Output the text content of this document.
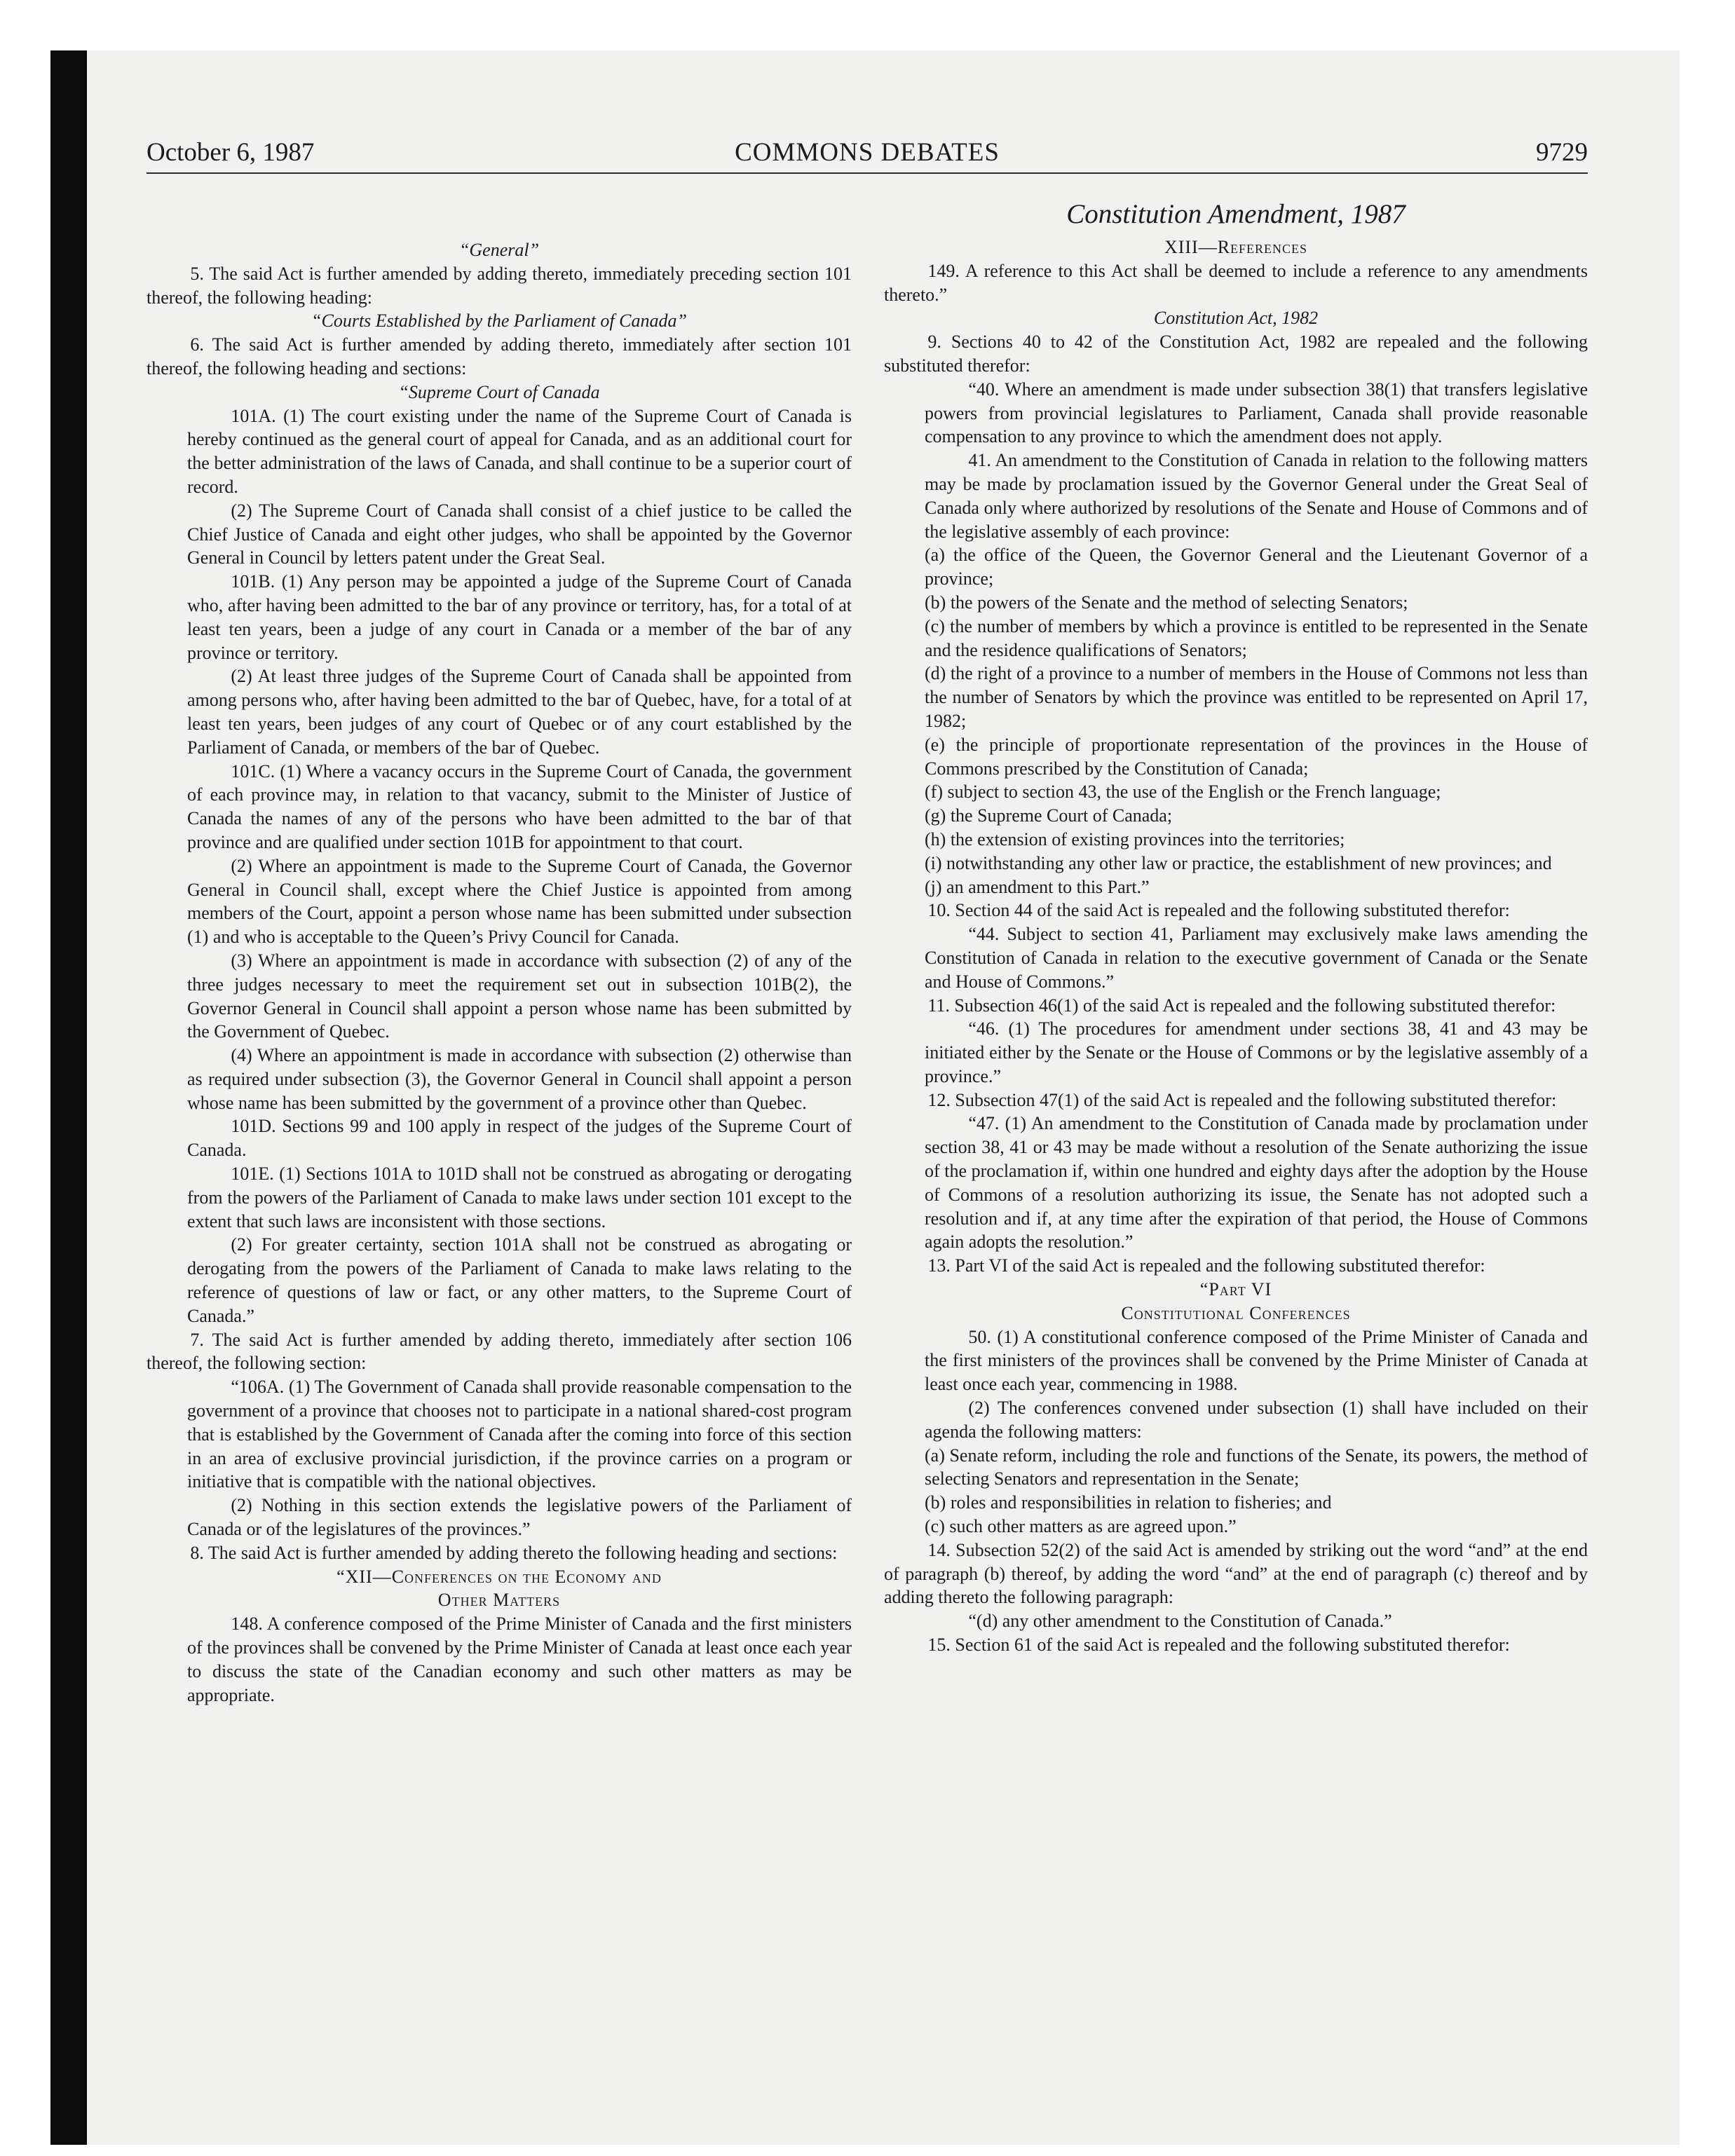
October 6, 1987	COMMONS DEBATES	9729

“General”

5. The said Act is further amended by adding thereto, immediately preceding section 101 thereof, the following heading:

“Courts Established by the Parliament of Canada”

6. The said Act is further amended by adding thereto, immediately after section 101 thereof, the following heading and sections:

“Supreme Court of Canada

101A. (1) The court existing under the name of the Supreme Court of Canada is hereby continued as the general court of appeal for Canada, and as an additional court for the better administration of the laws of Canada, and shall continue to be a superior court of record.

(2) The Supreme Court of Canada shall consist of a chief justice to be called the Chief Justice of Canada and eight other judges, who shall be appointed by the Governor General in Council by letters patent under the Great Seal.

101B. (1) Any person may be appointed a judge of the Supreme Court of Canada who, after having been admitted to the bar of any province or territory, has, for a total of at least ten years, been a judge of any court in Canada or a member of the bar of any province or territory.

(2) At least three judges of the Supreme Court of Canada shall be appointed from among persons who, after having been admitted to the bar of Quebec, have, for a total of at least ten years, been judges of any court of Quebec or of any court established by the Parliament of Canada, or members of the bar of Quebec.

101C. (1) Where a vacancy occurs in the Supreme Court of Canada, the government of each province may, in relation to that vacancy, submit to the Minister of Justice of Canada the names of any of the persons who have been admitted to the bar of that province and are qualified under section 101B for appointment to that court.

(2) Where an appointment is made to the Supreme Court of Canada, the Governor General in Council shall, except where the Chief Justice is appointed from among members of the Court, appoint a person whose name has been submitted under subsection (1) and who is acceptable to the Queen’s Privy Council for Canada.

(3) Where an appointment is made in accordance with subsection (2) of any of the three judges necessary to meet the requirement set out in subsection 101B(2), the Governor General in Council shall appoint a person whose name has been submitted by the Government of Quebec.

(4) Where an appointment is made in accordance with subsection (2) otherwise than as required under subsection (3), the Governor General in Council shall appoint a person whose name has been submitted by the government of a province other than Quebec.

101D. Sections 99 and 100 apply in respect of the judges of the Supreme Court of Canada.

101E. (1) Sections 101A to 101D shall not be construed as abrogating or derogating from the powers of the Parliament of Canada to make laws under section 101 except to the extent that such laws are inconsistent with those sections.

(2) For greater certainty, section 101A shall not be construed as abrogating or derogating from the powers of the Parliament of Canada to make laws relating to the reference of questions of law or fact, or any other matters, to the Supreme Court of Canada.”

7. The said Act is further amended by adding thereto, immediately after section 106 thereof, the following section:

“106A. (1) The Government of Canada shall provide reasonable compensation to the government of a province that chooses not to participate in a national shared-cost program that is established by the Government of Canada after the coming into force of this section in an area of exclusive provincial jurisdiction, if the province carries on a program or initiative that is compatible with the national objectives.

(2) Nothing in this section extends the legislative powers of the Parliament of Canada or of the legislatures of the provinces.”

8. The said Act is further amended by adding thereto the following heading and sections:

“XII—Conferences on the Economy and

Other Matters

148. A conference composed of the Prime Minister of Canada and the first ministers of the provinces shall be convened by the Prime Minister of Canada at least once each year to discuss the state of the Canadian economy and such other matters as may be appropriate.

Constitution Amendment, 1987

XIII—References

149. A reference to this Act shall be deemed to include a reference to any amendments thereto.”

Constitution Act, 1982

9. Sections 40 to 42 of the Constitution Act, 1982 are repealed and the following substituted therefor:

“40. Where an amendment is made under subsection 38(1) that transfers legislative powers from provincial legislatures to Parliament, Canada shall provide reasonable compensation to any province to which the amendment does not apply.

41. An amendment to the Constitution of Canada in relation to the following matters may be made by proclamation issued by the Governor General under the Great Seal of Canada only where authorized by resolutions of the Senate and House of Commons and of the legislative assembly of each province:

(a) the office of the Queen, the Governor General and the Lieutenant Governor of a province;

(b) the powers of the Senate and the method of selecting Senators;

(c) the number of members by which a province is entitled to be represented in the Senate and the residence qualifications of Senators;

(d) the right of a province to a number of members in the House of Commons not less than the number of Senators by which the province was entitled to be represented on April 17, 1982;

(e) the principle of proportionate representation of the provinces in the House of Commons prescribed by the Constitution of Canada;

(f) subject to section 43, the use of the English or the French language;

(g) the Supreme Court of Canada;

(h) the extension of existing provinces into the territories;

(i) notwithstanding any other law or practice, the establishment of new provinces; and

(j) an amendment to this Part.”

10. Section 44 of the said Act is repealed and the following substituted therefor:

“44. Subject to section 41, Parliament may exclusively make laws amending the Constitution of Canada in relation to the executive government of Canada or the Senate and House of Commons.”

11. Subsection 46(1) of the said Act is repealed and the following substituted therefor:

“46. (1) The procedures for amendment under sections 38, 41 and 43 may be initiated either by the Senate or the House of Commons or by the legislative assembly of a province.”

12. Subsection 47(1) of the said Act is repealed and the following substituted therefor:

“47. (1) An amendment to the Constitution of Canada made by proclamation under section 38, 41 or 43 may be made without a resolution of the Senate authorizing the issue of the proclamation if, within one hundred and eighty days after the adoption by the House of Commons of a resolution authorizing its issue, the Senate has not adopted such a resolution and if, at any time after the expiration of that period, the House of Commons again adopts the resolution.”

13. Part VI of the said Act is repealed and the following substituted therefor:

“Part VI

Constitutional Conferences

50. (1) A constitutional conference composed of the Prime Minister of Canada and the first ministers of the provinces shall be convened by the Prime Minister of Canada at least once each year, commencing in 1988.

(2) The conferences convened under subsection (1) shall have included on their agenda the following matters:

(a) Senate reform, including the role and functions of the Senate, its powers, the method of selecting Senators and representation in the Senate;

(b) roles and responsibilities in relation to fisheries; and

(c) such other matters as are agreed upon.”

14. Subsection 52(2) of the said Act is amended by striking out the word “and” at the end of paragraph (b) thereof, by adding the word “and” at the end of paragraph (c) thereof and by adding thereto the following paragraph:

“(d) any other amendment to the Constitution of Canada.”

15. Section 61 of the said Act is repealed and the following substituted therefor:
